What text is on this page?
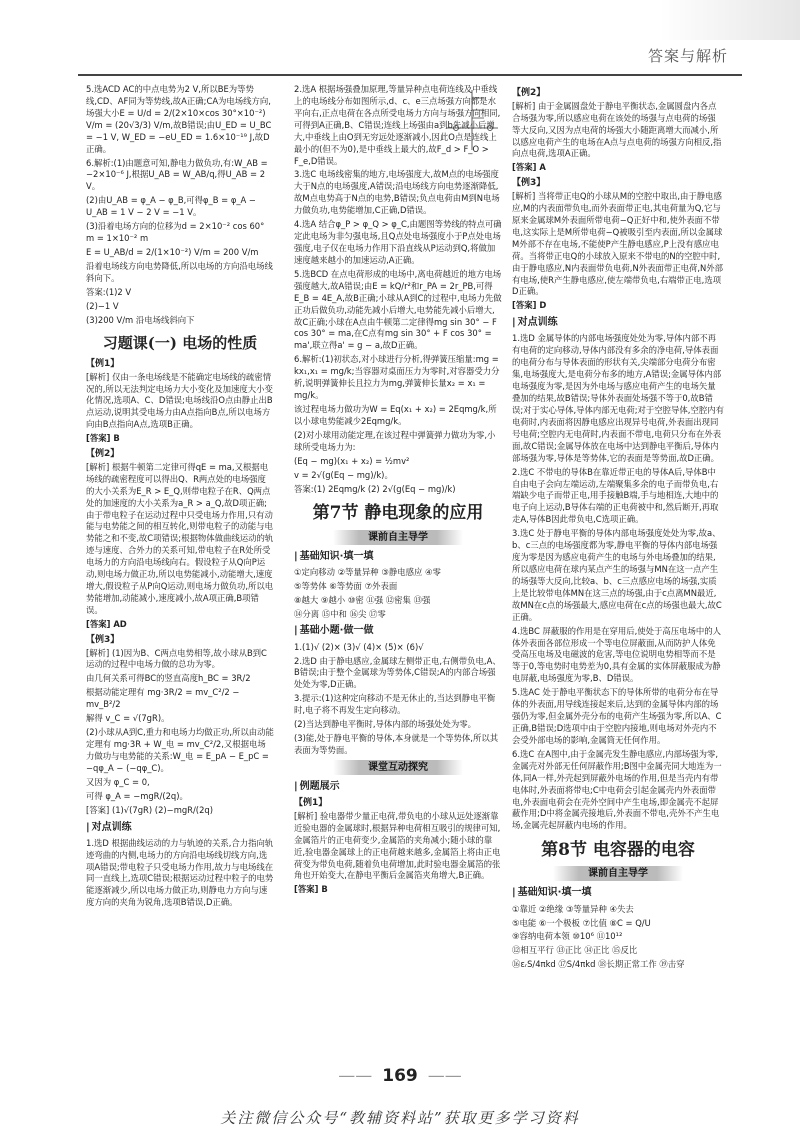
答案与解析

5.选ACD AC的中点电势为2 V,所以BE为等势线,CD、AF同为等势线,故A正确;CA为电场线方向,场强大小E = U/d = 2/(2×10×cos 30°×10⁻²) V/m = (20√3/3) V/m,故B错误;由U_ED = U_BC = −1 V, W_ED = −eU_ED = 1.6×10⁻¹⁹ J,故D正确。

6.解析:(1)由题意可知,静电力做负功,有:W_AB = −2×10⁻⁶ J,根据U_AB = W_AB/q,得U_AB = 2 V。

(2)由U_AB = φ_A − φ_B,可得φ_B = φ_A − U_AB = 1 V − 2 V = −1 V。

(3)沿着电场方向的位移为d = 2×10⁻² cos 60° m = 1×10⁻² m

E = U_AB/d = 2/(1×10⁻²) V/m = 200 V/m

沿着电场线方向电势降低,所以电场的方向沿电场线斜向下。

答案:(1)2 V

(2)−1 V

(3)200 V/m 沿电场线斜向下

习题课(一) 电场的性质
【例1】

[解析] 仅由一条电场线是不能确定电场线的疏密情况的,所以无法判定电场力大小变化及加速度大小变化情况,选项A、C、D错误;电场线沿O点由静止出B点运动,说明其受电场力由A点指向B点,所以电场方向由B点指向A点,选项B正确。

[答案] B

【例2】

[解析] 根据牛顿第二定律可得qE = ma,又根据电场线的疏密程度可以得出Q、R两点处的电场强度的大小关系为E_R > E_Q,则带电粒子在R、Q两点处的加速度的大小关系为a_R > a_Q,故D项正确;由于带电粒子在运动过程中只受电场力作用,只有动能与电势能之间的相互转化,则带电粒子的动能与电势能之和不变,故C项错误;根据物体做曲线运动的轨迹与速度、合外力的关系可知,带电粒子在R处所受电场力的方向沿电场线向右。假设粒子从Q向P运动,则电场力做正功,所以电势能减小,动能增大,速度增大,假设粒子从P向Q运动,则电场力做负功,所以电势能增加,动能减小,速度减小,故A项正确,B项错误。

[答案] AD

【例3】

[解析] (1)因为B、C两点电势相等,故小球从B到C运动的过程中电场力做的总功为零。

由几何关系可得BC的竖直高度h_BC = 3R/2

根据动能定理有 mg·3R/2 = mv_C²/2 − mv_B²/2

解得 v_C = √(7gR)。

(2)小球从A到C,重力和电场力均做正功,所以由动能定理有 mg·3R + W_电 = mv_C²/2,又根据电场力做功与电势能的关系:W_电 = E_pA − E_pC = −qφ_A − (−qφ_C)。

又因为 φ_C = 0,

可得 φ_A = −mgR/(2q)。

[答案] (1)√(7gR) (2)−mgR/(2q)

| 对点训练

1.选D 根据曲线运动的力与轨迹的关系,合力指向轨迹弯曲的内侧,电场力的方向沿电场线切线方向,选项A错误;带电粒子只受电场力作用,故力与电场线在同一直线上,选项C错误;根据运动过程中粒子的电势能逐渐减少,所以电场力做正功,则静电力方向与速度方向的夹角为锐角,选项B错误,D正确。

2.选A 根据场强叠加原理,等量异种点电荷连线及中垂线上的电场线分布如图所示,d、c、e三点场强方向都是水平向右,正点电荷在各点所受电场力方向与场强方向相同,可得到A正确,B、C错误;连线上场强由a到b先减小后增大,中垂线上由O到无穷远处逐渐减小,因此O点是连线上最小的(但不为0),是中垂线上最大的,故F_d > F_O > F_e,D错误。

3.选C 电场线密集的地方,电场强度大,故M点的电场强度大于N点的电场强度,A错误;沿电场线方向电势逐渐降低,故M点电势高于N点的电势,B错误;负点电荷由M到N电场力做负功,电势能增加,C正确,D错误。

4.选A 结合φ_P > φ_Q > φ_C,由题图等势线的特点可确定此电场为非匀强电场,且Q点处电场强度小于P点处电场强度,电子仅在电场力作用下沿直线从P运动到Q,将做加速度越来越小的加速运动,A正确。

5.选BCD 在点电荷形成的电场中,离电荷越近的地方电场强度越大,故A错误;由E = kQ/r²和r_PA = 2r_PB,可得E_B = 4E_A,故B正确;小球从A到C的过程中,电场力先做正功后做负功,动能先减小后增大,电势能先减小后增大,故C正确;小球在A点由牛顿第二定律得mg sin 30° − F cos 30° = ma,在C点有mg sin 30° + F cos 30° = ma',联立得a' = g − a,故D正确。

6.解析:(1)初状态,对小球进行分析,得弹簧压缩量:mg = kx₁,x₁ = mg/k;当容器对桌面压力为零时,对容器受力分析,说明弹簧伸长且拉力为mg,弹簧伸长量x₂ = x₁ = mg/k。

该过程电场力做功为W = Eq(x₁ + x₂) = 2Eqmg/k,所以小球电势能减少2Eqmg/k。

(2)对小球用动能定理,在该过程中弹簧弹力做功为零,小球所受电场力为:

(Eq − mg)(x₁ + x₂) = ½mv²

v = 2√(g(Eq − mg)/k)。

答案:(1) 2Eqmg/k (2) 2√(g(Eq − mg)/k)

第7节 静电现象的应用
课前自主导学
| 基础知识·填一填

①定向移动 ②等量异种 ③静电感应 ④零

⑤等势体 ⑥等势面 ⑦外表面

⑧越大 ⑨越小 ⑩密 ⑪强 ⑫密集 ⑬强

⑭分离 ⑮中和 ⑯尖 ⑰零

| 基础小题·做一做

1.(1)√ (2)× (3)√ (4)× (5)× (6)√

2.选D 由于静电感应,金属球左侧带正电,右侧带负电,A、B错误;由于整个金属球为等势体,C错误;A的内部合场强处处为零,D正确。

3.提示:(1)这种定向移动不是无休止的,当达到静电平衡时,电子将不再发生定向移动。

(2)当达到静电平衡时,导体内部的场强处处为零。

(3)能,处于静电平衡的导体,本身就是一个等势体,所以其表面为等势面。

课堂互动探究
| 例题展示
【例1】

[解析] 验电器带少量正电荷,带负电的小球从远处逐渐靠近验电器的金属球时,根据异种电荷相互吸引的规律可知,金属箔片的正电荷变少,金属箔的夹角减小;随小球的靠近,验电器金属球上的正电荷越来越多,金属箔上将由正电荷变为带负电荷,随着负电荷增加,此时验电器金属箔的张角也开始变大,在静电平衡后金属箔夹角增大,B正确。

[答案] B

【例2】

[解析] 由于金属圆盘处于静电平衡状态,金属圆盘内各点合场强为零,所以感应电荷在该处的场强与点电荷的场强等大反向,又因为点电荷的场强大小随距离增大而减小,所以感应电荷产生的电场在A点与点电荷的场强方向相反,指向点电荷,选项A正确。

[答案] A

【例3】

[解析] 当将带正电Q的小球从M的空腔中取出,由于静电感应,M的内表面带负电,而外表面带正电,其电荷量为Q,它与原来金属球M外表面所带电荷−Q正好中和,使外表面不带电,这实际上是M所带电荷−Q被吸引至内表面,所以金属球M外部不存在电场,不能使P产生静电感应,P上没有感应电荷。当将带正电Q的小球放入原来不带电的N的空腔中时,由于静电感应,N内表面带负电荷,N外表面带正电荷,N外部有电场,使R产生静电感应,使左端带负电,右端带正电,选项D正确。

[答案] D

| 对点训练

1.选D 金属导体的内部电场强度处处为零,导体内部不再有电荷的定向移动,导体内部没有多余的净电荷,导体表面的电荷分布与导体表面的形状有关,尖端部分电荷分布密集,电场强度大,是电荷分布多的地方,A错误;金属导体内部电场强度为零,是因为外电场与感应电荷产生的电场矢量叠加的结果,故B错误;导体外表面处场强不等于0,故B错误;对于实心导体,导体内部无电荷;对于空腔导体,空腔内有电荷时,内表面将因静电感应出现异号电荷,外表面出现同号电荷;空腔内无电荷时,内表面不带电,电荷只分布在外表面,故C错误;金属导体放在电场中达到静电平衡后,导体内部场强为零,导体是等势体,它的表面是等势面,故D正确。

2.选C 不带电的导体B在靠近带正电的导体A后,导体B中自由电子会向左端运动,左端聚集多余的电子而带负电,右端缺少电子而带正电,用手接触B端,手与地相连,大地中的电子向上运动,B导体右端的正电荷被中和,然后断开,再取走A,导体B因此带负电,C选项正确。

3.选C 处于静电平衡的导体内部电场强度处处为零,故a、b、c三点的电场强度都为零,静电平衡的导体内部电场强度为零是因为感应电荷产生的电场与外电场叠加的结果,所以感应电荷在球内某点产生的场强与MN在这一点产生的场强等大反向,比较a、b、c三点感应电场的场强,实质上是比较带电体MN在这三点的场强,由于c点离MN最近,故MN在c点的场强最大,感应电荷在c点的场强也最大,故C正确。

4.选BC 屏蔽服的作用是在穿用后,使处于高压电场中的人体外表面各部位形成一个等电位屏蔽面,从而防护人体免受高压电场及电磁波的危害,等电位说明电势相等而不是等于0,等电势时电势差为0,具有金属的实体屏蔽服成为静电屏蔽,电场强度为零,B、D错误。

5.选AC 处于静电平衡状态下的导体所带的电荷分布在导体的外表面,用导线连接起来后,达到的金属导体内部的场强仍为零,但金属外壳分布的电荷产生场强为零,所以A、C正确,B错误;D选项中由于空腔内接地,则电场对外壳内不会受外部电场的影响,金属筒无任何作用。

6.选C 在A图中,由于金属壳发生静电感应,内部场强为零,金属壳对外部无任何屏蔽作用;B图中金属壳同大地连为一体,同A一样,外壳起到屏蔽外电场的作用,但是当壳内有带电体时,外表面将带电;C中电荷会引起金属壳内外表面带电,外表面电荷会在壳外空间中产生电场,即金属壳不起屏蔽作用;D中将金属壳接地后,外表面不带电,壳外不产生电场,金属壳起屏蔽内电场的作用。

第8节 电容器的电容
课前自主导学
| 基础知识·填一填

①靠近 ②绝缘 ③等量异种 ④失去

⑤电能 ⑥一个极板 ⑦比值 ⑧C = Q/U

⑨容纳电荷本领 ⑩10⁶ ⑪10¹²

⑫相互平行 ⑬正比 ⑭正比 ⑮反比

⑯εᵣS/4πkd ⑰S/4πkd ⑱长期正常工作 ⑲击穿

—— 169 ——
关注微信公众号“教辅资料站”获取更多学习资料
